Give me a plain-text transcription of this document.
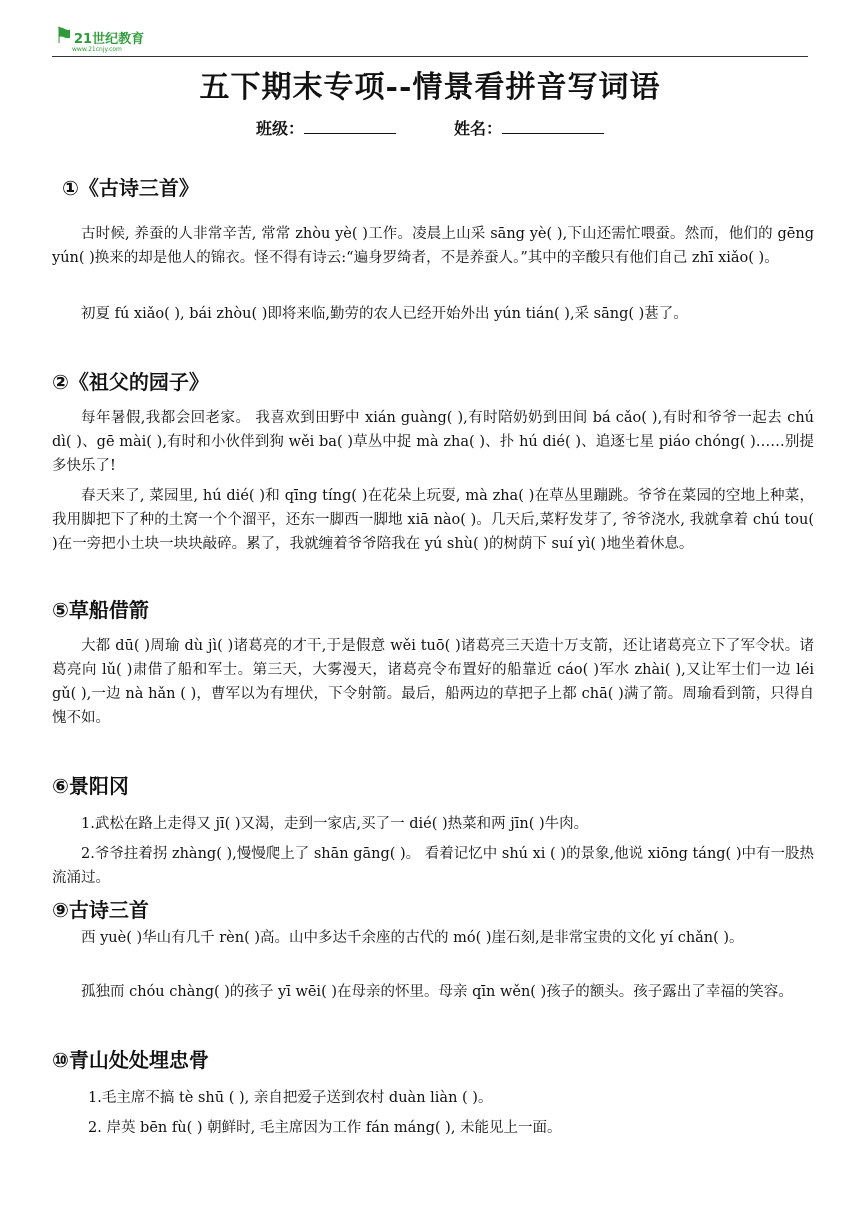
⚑ 21世纪教育
www.21cnjy.com
五下期末专项--情景看拼音写词语
班级：	姓名：
①《古诗三首》
古时候, 养蚕的人非常辛苦, 常常 zhòu yè( )工作。凌晨上山采 sāng yè( ),下山还需忙喂蚕。然而，他们的 gēng yún( )换来的却是他人的锦衣。怪不得有诗云:“遍身罗绮者，不是养蚕人。”其中的辛酸只有他们自己 zhī xiǎo( )。
初夏 fú xiǎo( ), bái zhòu( )即将来临,勤劳的农人已经开始外出 yún tián( ),采 sāng( )葚了。
②《祖父的园子》
每年暑假,我都会回老家。 我喜欢到田野中 xián guàng( ),有时陪奶奶到田间 bá cǎo( ),有时和爷爷一起去 chú dì( )、gē mài( ),有时和小伙伴到狗 wěi ba( )草丛中捉 mà zha( )、扑 hú dié( )、追逐七星 piáo chóng( )……别提多快乐了!
春天来了, 菜园里, hú dié( )和 qīng tíng( )在花朵上玩耍, mà zha( )在草丛里蹦跳。爷爷在菜园的空地上种菜，我用脚把下了种的土窝一个个溜平，还东一脚西一脚地 xiā nào( )。几天后,菜籽发芽了, 爷爷浇水, 我就拿着 chú tou( )在一旁把小土块一块块敲碎。累了，我就缠着爷爷陪我在 yú shù( )的树荫下 suí yì( )地坐着休息。
⑤草船借箭
大都 dū( )周瑜 dù jì( )诸葛亮的才干,于是假意 wěi tuō( )诸葛亮三天造十万支箭，还让诸葛亮立下了军令状。诸葛亮向 lǔ( )肃借了船和军士。第三天，大雾漫天，诸葛亮令布置好的船靠近 cáo( )军水 zhài( ),又让军士们一边 léi gǔ( ),一边 nà hǎn ( )，曹军以为有埋伏，下令射箭。最后，船两边的草把子上都 chā( )满了箭。周瑜看到箭，只得自愧不如。
⑥景阳冈
1.武松在路上走得又 jī( )又渴，走到一家店,买了一 dié( )热菜和两 jīn( )牛肉。
2.爷爷拄着拐 zhàng( ),慢慢爬上了 shān gāng( )。 看着记忆中 shú xi ( )的景象,他说 xiōng táng( )中有一股热流涌过。
⑨古诗三首
西 yuè( )华山有几千 rèn( )高。山中多达千余座的古代的 mó( )崖石刻,是非常宝贵的文化 yí chǎn( )。
孤独而 chóu chàng( )的孩子 yī wēi( )在母亲的怀里。母亲 qīn wěn( )孩子的额头。孩子露出了幸福的笑容。
⑩青山处处埋忠骨
1.毛主席不搞 tè shū ( ), 亲自把爱子送到农村 duàn liàn ( )。
2. 岸英 bēn fù( ) 朝鲜时, 毛主席因为工作 fán máng( ), 未能见上一面。
